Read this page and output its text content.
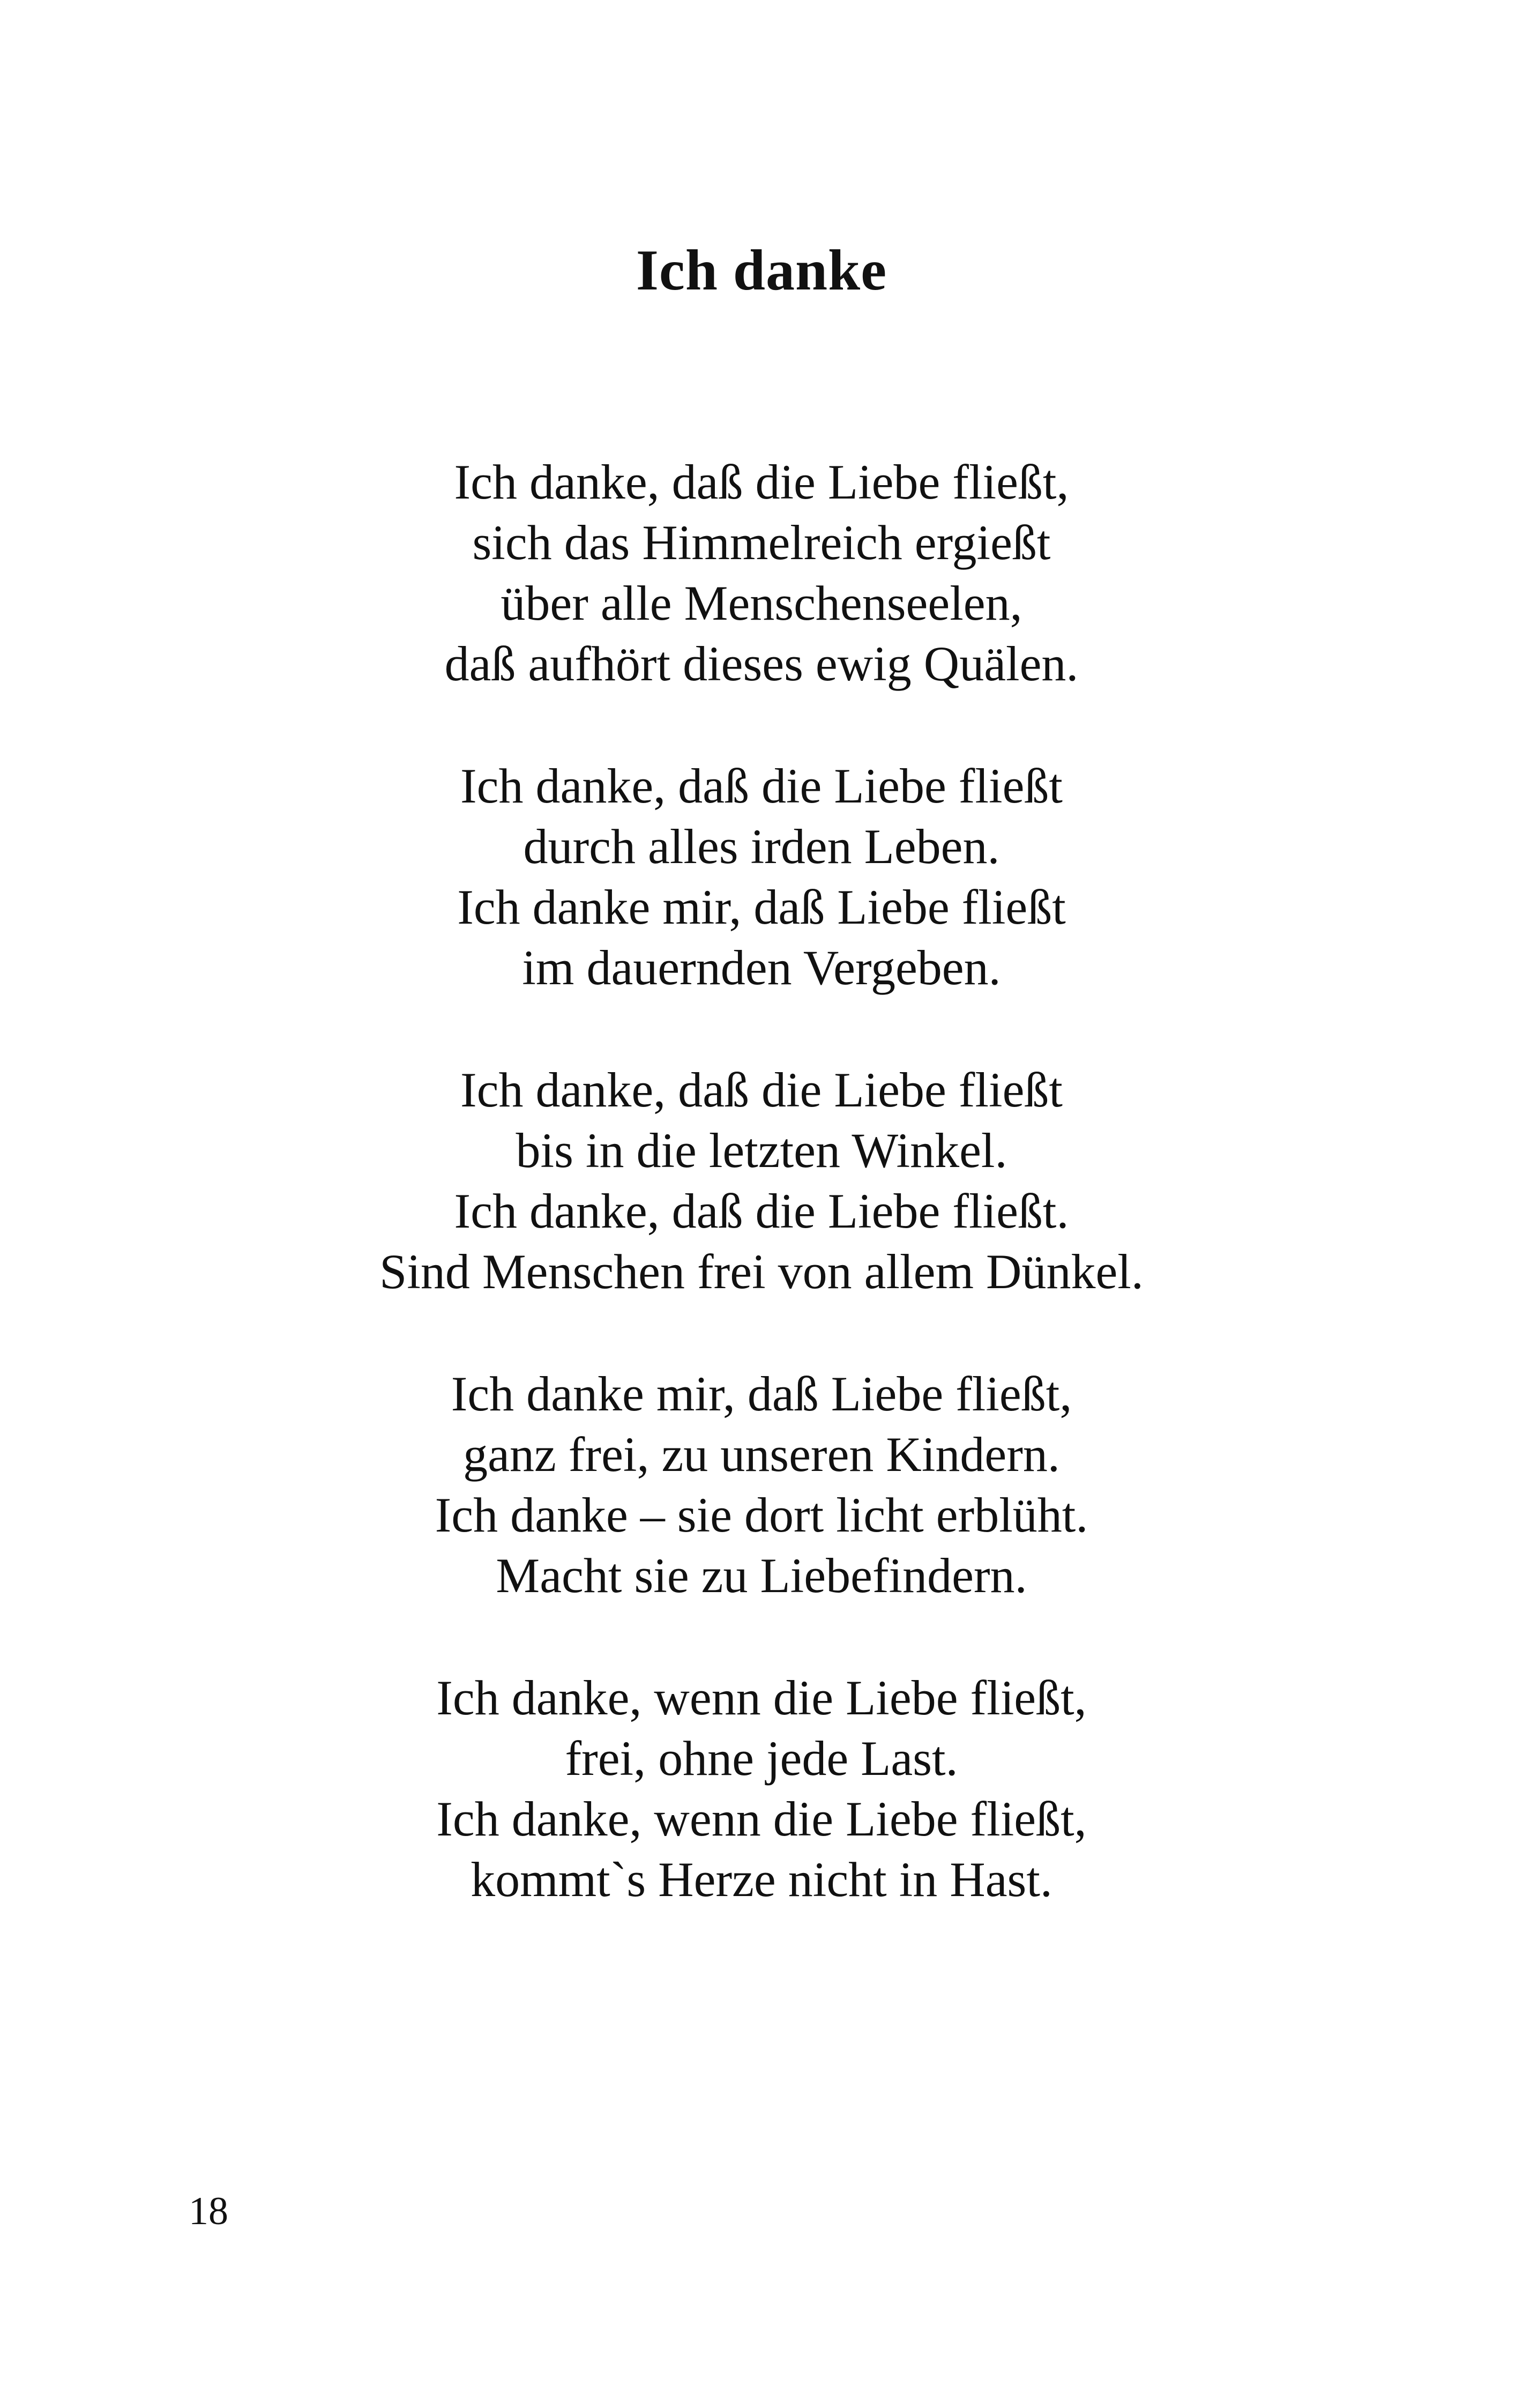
Ich danke

Ich danke, daß die Liebe fließt,
sich das Himmelreich ergießt
über alle Menschenseelen,
daß aufhört dieses ewig Quälen.

Ich danke, daß die Liebe fließt
durch alles irden Leben.
Ich danke mir, daß Liebe fließt
im dauernden Vergeben.

Ich danke, daß die Liebe fließt
bis in die letzten Winkel.
Ich danke, daß die Liebe fließt.
Sind Menschen frei von allem Dünkel.

Ich danke mir, daß Liebe fließt,
ganz frei, zu unseren Kindern.
Ich danke – sie dort licht erblüht.
Macht sie zu Liebefindern.

Ich danke, wenn die Liebe fließt,
frei, ohne jede Last.
Ich danke, wenn die Liebe fließt,
kommt`s Herze nicht in Hast.

18
